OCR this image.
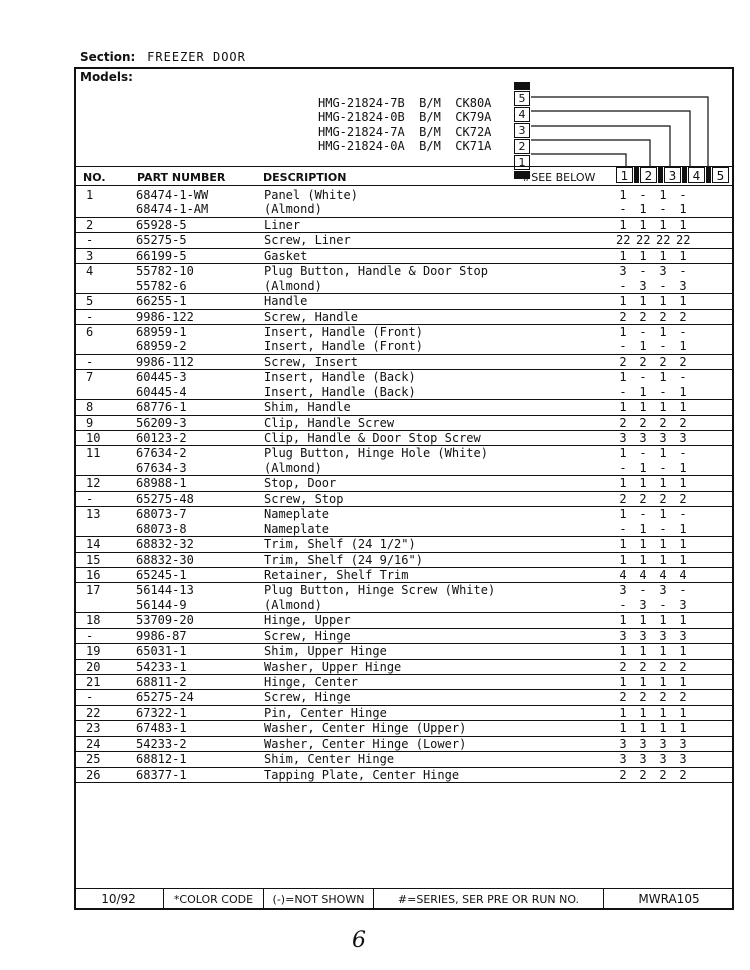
Section: FREEZER DOOR
Models:
HMG-21824-7B  B/M  CK80A
HMG-21824-0B  B/M  CK79A
HMG-21824-7A  B/M  CK72A
HMG-21824-0A  B/M  CK71A
5
4
3
2
1
NO.	PART NUMBER	DESCRIPTION	#SEE BELOW	1	2	3	4	5
1	68474-1-WW	Panel (White)	1 - 1 -
68474-1-AM	(Almond)	- 1 - 1
2	65928-5	Liner	1 1 1 1
-	65275-5	Screw, Liner	22 22 22 22
3	66199-5	Gasket	1 1 1 1
4	55782-10	Plug Button, Handle & Door Stop	3 - 3 -
55782-6	(Almond)	- 3 - 3
5	66255-1	Handle	1 1 1 1
-	9986-122	Screw, Handle	2 2 2 2
6	68959-1	Insert, Handle (Front)	1 - 1 -
68959-2	Insert, Handle (Front)	- 1 - 1
-	9986-112	Screw, Insert	2 2 2 2
7	60445-3	Insert, Handle (Back)	1 - 1 -
60445-4	Insert, Handle (Back)	- 1 - 1
8	68776-1	Shim, Handle	1 1 1 1
9	56209-3	Clip, Handle Screw	2 2 2 2
10	60123-2	Clip, Handle & Door Stop Screw	3 3 3 3
11	67634-2	Plug Button, Hinge Hole (White)	1 - 1 -
67634-3	(Almond)	- 1 - 1
12	68988-1	Stop, Door	1 1 1 1
-	65275-48	Screw, Stop	2 2 2 2
13	68073-7	Nameplate	1 - 1 -
68073-8	Nameplate	- 1 - 1
14	68832-32	Trim, Shelf (24 1/2")	1 1 1 1
15	68832-30	Trim, Shelf (24 9/16")	1 1 1 1
16	65245-1	Retainer, Shelf Trim	4 4 4 4
17	56144-13	Plug Button, Hinge Screw (White)	3 - 3 -
56144-9	(Almond)	- 3 - 3
18	53709-20	Hinge, Upper	1 1 1 1
-	9986-87	Screw, Hinge	3 3 3 3
19	65031-1	Shim, Upper Hinge	1 1 1 1
20	54233-1	Washer, Upper Hinge	2 2 2 2
21	68811-2	Hinge, Center	1 1 1 1
-	65275-24	Screw, Hinge	2 2 2 2
22	67322-1	Pin, Center Hinge	1 1 1 1
23	67483-1	Washer, Center Hinge (Upper)	1 1 1 1
24	54233-2	Washer, Center Hinge (Lower)	3 3 3 3
25	68812-1	Shim, Center Hinge	3 3 3 3
26	68377-1	Tapping Plate, Center Hinge	2 2 2 2
10/92	*COLOR CODE	(-)=NOT SHOWN	#=SERIES, SER PRE OR RUN NO.	MWRA105
6
